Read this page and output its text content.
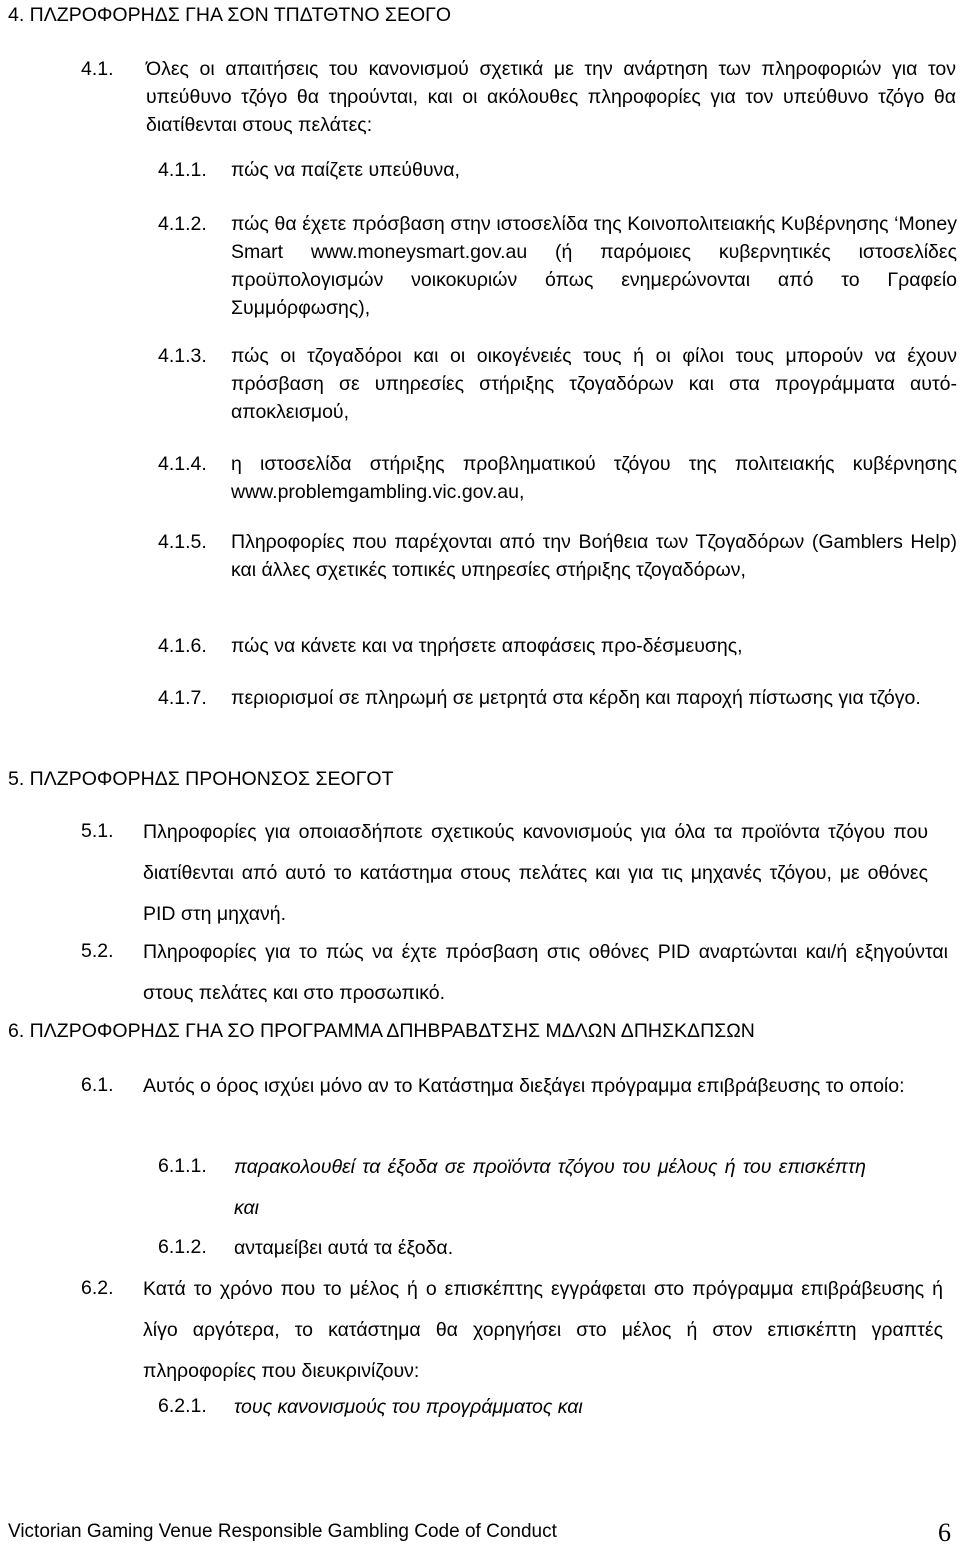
4. ΠΛΖΡΟΦΟΡΗΔΣ ΓΗΑ ΣΟΝ ΤΠΔΤΘΤΝΟ ΣΕΟΓΟ
4.1. Όλες οι απαιτήσεις του κανονισμού σχετικά με την ανάρτηση των πληροφοριών για τον υπεύθυνο τζόγο θα τηρούνται, και οι ακόλουθες πληροφορίες για τον υπεύθυνο τζόγο θα διατίθενται στους πελάτες:
4.1.1. πώς να παίζετε υπεύθυνα,
4.1.2. πώς θα έχετε πρόσβαση στην ιστοσελίδα της Κοινοπολιτειακής Κυβέρνησης ‘Money Smart www.moneysmart.gov.au (ή παρόμοιες κυβερνητικές ιστοσελίδες προϋπολογισμών νοικοκυριών όπως ενημερώνονται από το Γραφείο Συμμόρφωσης),
4.1.3. πώς οι τζογαδόροι και οι οικογένειές τους ή οι φίλοι τους μπορούν να έχουν πρόσβαση σε υπηρεσίες στήριξης τζογαδόρων και στα προγράμματα αυτό-αποκλεισμού,
4.1.4. η ιστοσελίδα στήριξης προβληματικού τζόγου της πολιτειακής κυβέρνησης www.problemgambling.vic.gov.au,
4.1.5. Πληροφορίες που παρέχονται από την Βοήθεια των Τζογαδόρων (Gamblers Help) και άλλες σχετικές τοπικές υπηρεσίες στήριξης τζογαδόρων,
4.1.6. πώς να κάνετε και να τηρήσετε αποφάσεις προ-δέσμευσης,
4.1.7. περιορισμοί σε πληρωμή σε μετρητά στα κέρδη και παροχή πίστωσης για τζόγο.
5. ΠΛΖΡΟΦΟΡΗΔΣ ΠΡΟΗΟΝΣΟΣ ΣΕΟΓΟΤ
5.1. Πληροφορίες για οποιασδήποτε σχετικούς κανονισμούς για όλα τα προϊόντα τζόγου που διατίθενται από αυτό το κατάστημα στους πελάτες και για τις μηχανές τζόγου, με οθόνες PID στη μηχανή.
5.2. Πληροφορίες για το πώς να έχτε πρόσβαση στις οθόνες PID αναρτώνται και/ή εξηγούνται στους πελάτες και στο προσωπικό.
6. ΠΛΖΡΟΦΟΡΗΔΣ ΓΗΑ ΣΟ ΠΡΟΓΡΑΜΜΑ ΔΠΗΒΡΑΒΔΤΣΗΣ ΜΔΛΩΝ ΔΠΗΣΚΔΠΣΩΝ
6.1. Αυτός ο όρος ισχύει μόνο αν το Κατάστημα διεξάγει πρόγραμμα επιβράβευσης το οποίο:
6.1.1. παρακολουθεί τα έξοδα σε προϊόντα τζόγου του μέλους ή του επισκέπτη και
6.1.2. ανταμείβει αυτά τα έξοδα.
6.2. Κατά το χρόνο που το μέλος ή ο επισκέπτης εγγράφεται στο πρόγραμμα επιβράβευσης ή λίγο αργότερα, το κατάστημα θα χορηγήσει στο μέλος ή στον επισκέπτη γραπτές πληροφορίες που διευκρινίζουν:
6.2.1. τους κανονισμούς του προγράμματος και
Victorian Gaming Venue Responsible Gambling Code of Conduct	6
